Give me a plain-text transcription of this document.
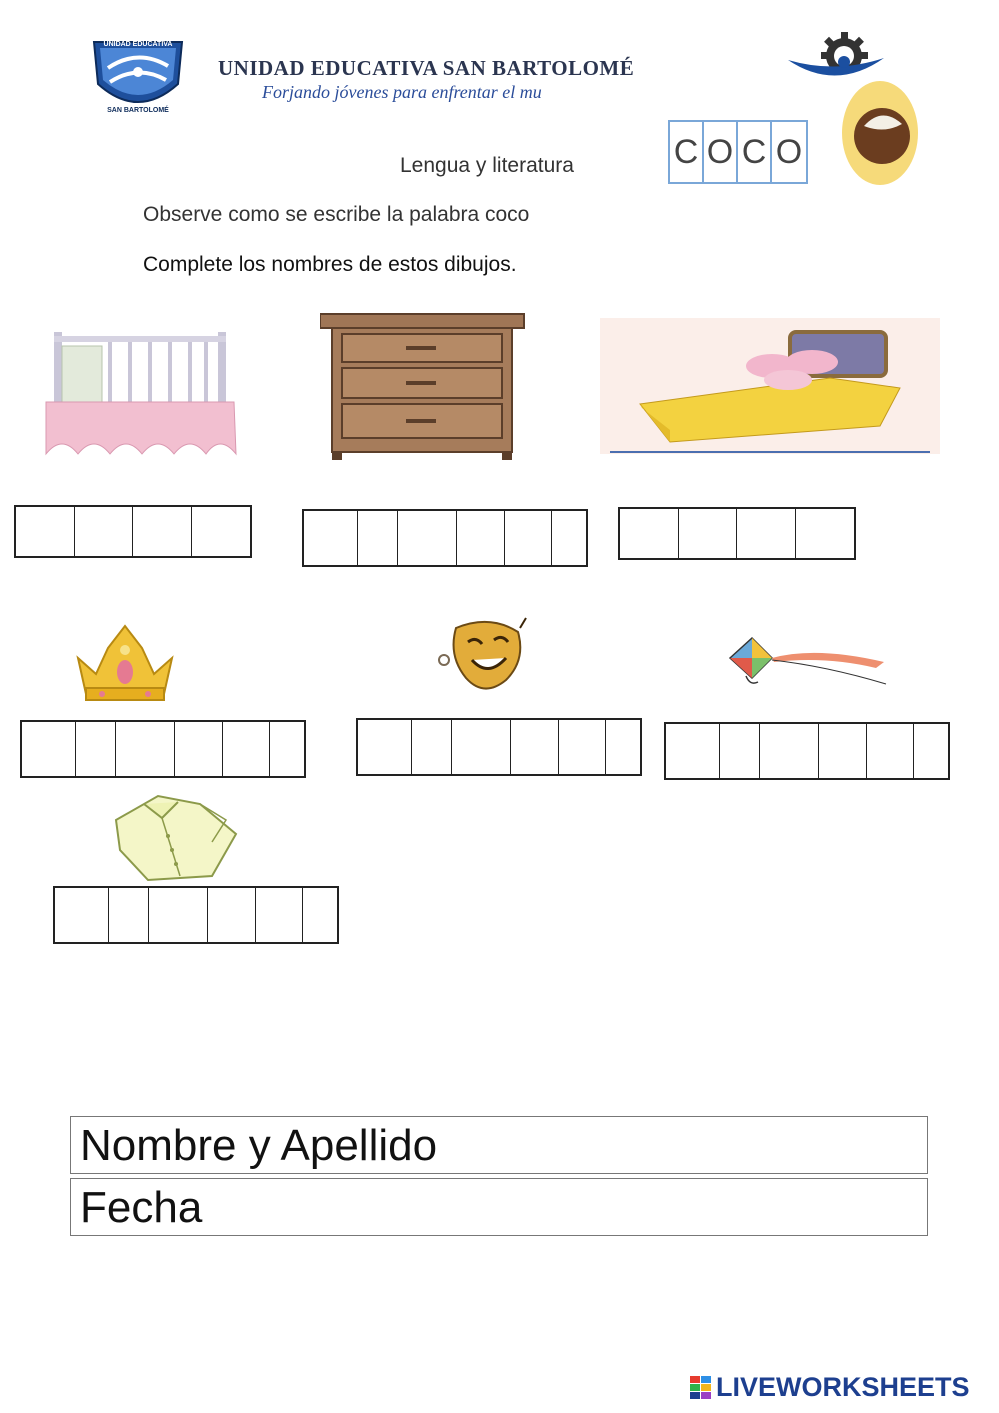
UNIDAD EDUCATIVA
SAN BARTOLOMÉ
UNIDAD EDUCATIVA SAN BARTOLOMÉ
Forjando jóvenes para enfrentar el mu
C O C O
Lengua y literatura
Observe como se escribe la palabra coco
Complete los nombres de estos dibujos.
Nombre y Apellido
Fecha
LIVEWORKSHEETS
